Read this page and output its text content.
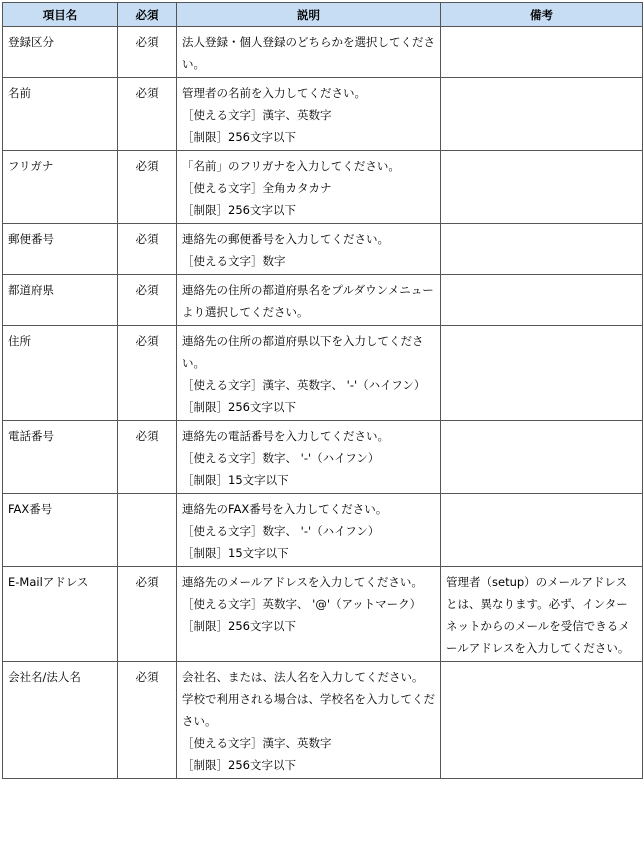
項目名	必須	説明	備考
登録区分	必須	法人登録・個人登録のどちらかを選択してください。	

名前	必須	管理者の名前を入力してください。

［使える文字］漢字、英数字

［制限］256文字以下	

フリガナ	必須	「名前」のフリガナを入力してください。

［使える文字］全角カタカナ

［制限］256文字以下	

郵便番号	必須	連絡先の郵便番号を入力してください。

［使える文字］数字	

都道府県	必須	連絡先の住所の都道府県名をプルダウンメニューより選択してください。	

住所	必須	連絡先の住所の都道府県以下を入力してください。

［使える文字］漢字、英数字、 '-'（ハイフン）

［制限］256文字以下	

電話番号	必須	連絡先の電話番号を入力してください。

［使える文字］数字、 '-'（ハイフン）

［制限］15文字以下	

FAX番号		連絡先のFAX番号を入力してください。

［使える文字］数字、 '-'（ハイフン）

［制限］15文字以下	

E-Mailアドレス	必須	連絡先のメールアドレスを入力してください。

［使える文字］英数字、 '@'（アットマーク）

［制限］256文字以下	管理者（setup）のメールアドレスとは、異なります。必ず、インターネットからのメールを受信できるメールアドレスを入力してください。
会社名/法人名	必須	会社名、または、法人名を入力してください。

学校で利用される場合は、学校名を入力してください。

［使える文字］漢字、英数字

［制限］256文字以下	
